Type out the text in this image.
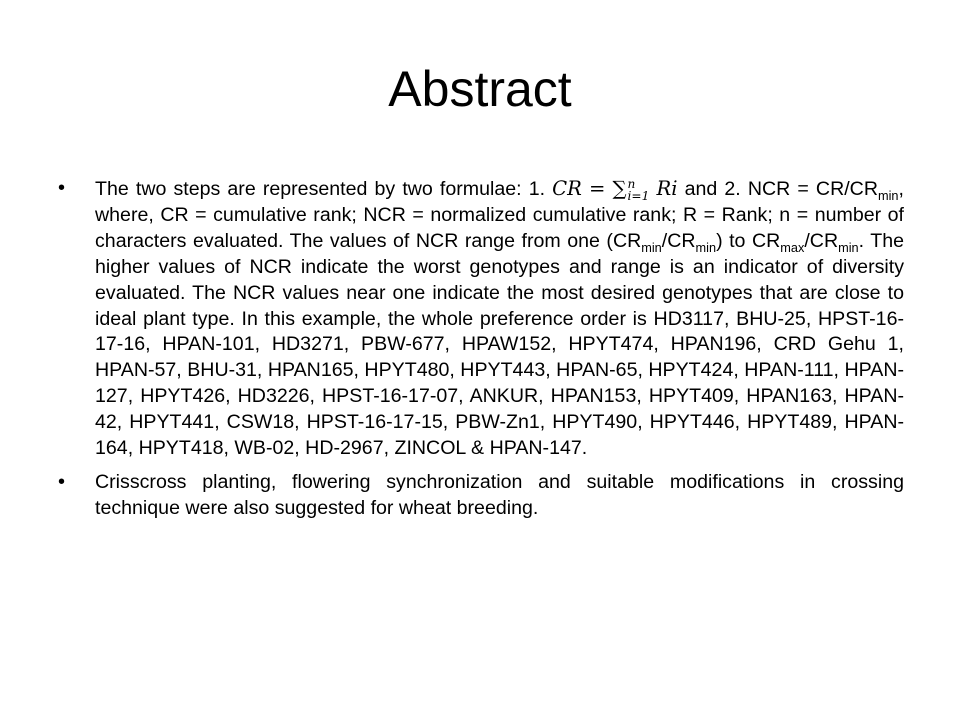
Abstract
• The two steps are represented by two formulae: 1. CR = ∑ n
i=1 Ri and 2. NCR = $CR/CR_{min}$, where, CR = cumulative rank; NCR = normalized cumulative rank; R = Rank; n = number of characters evaluated. The values of NCR range from one $(CR_{min}/CR_{min})$ to $CR_{max}/CR_{min}$. The higher values of NCR indicate the worst genotypes and range is an indicator of diversity evaluated. The NCR values near one indicate the most desired genotypes that are close to ideal plant type. In this example, the whole preference order is HD3117, BHU-25, HPST-16-17-16, HPAN-101, HD3271, PBW-677, HPAW152, HPYT474, HPAN196, CRD Gehu 1, HPAN-57, BHU-31, HPAN165, HPYT480, HPYT443, HPAN-65, HPYT424, HPAN-111, HPAN-127, HPYT426, HD3226, HPST-16-17-07, ANKUR, HPAN153, HPYT409, HPAN163, HPAN-42, HPYT441, CSW18, HPST-16-17-15, PBW-Zn1, HPYT490, HPYT446, HPYT489, HPAN-164, HPYT418, WB-02, HD-2967, ZINCOL & HPAN-147.
• Crisscross planting, flowering synchronization and suitable modifications in crossing technique were also suggested for wheat breeding.
